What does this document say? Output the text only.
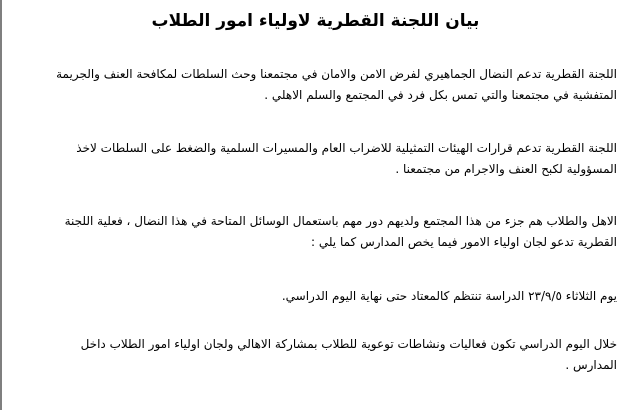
بيان اللجنة القطرية لاولياء امور الطلاب

اللجنة القطرية تدعم النضال الجماهيري لفرض الامن والامان في مجتمعنا وحث السلطات لمكافحة العنف والجريمة
المتفشية في مجتمعنا والتي تمس بكل فرد في المجتمع والسلم الاهلي .

اللجنة القطرية تدعم قرارات الهيئات التمثيلية للاضراب العام والمسيرات السلمية والضغط على السلطات لاخذ
المسؤولية لكبح العنف والاجرام من مجتمعنا .

الاهل والطلاب هم جزء من هذا المجتمع ولديهم دور مهم باستعمال الوسائل المتاحة في هذا النضال ، فعلية اللجنة
القطرية تدعو لجان اولياء الامور فيما يخص المدارس كما يلي :

يوم الثلاثاء ٢٣/٩/٥ الدراسة تنتظم كالمعتاد حتى نهاية اليوم الدراسي.

خلال اليوم الدراسي تكون فعاليات ونشاطات توعوية للطلاب بمشاركة الاهالي ولجان اولياء امور الطلاب داخل
المدارس .
